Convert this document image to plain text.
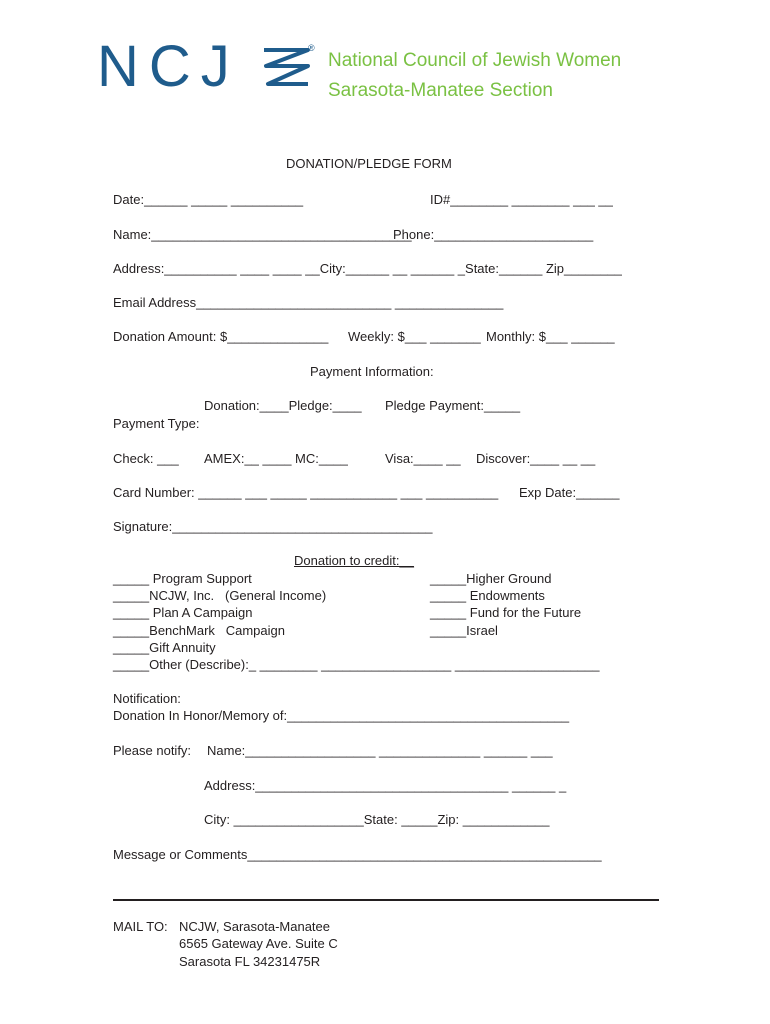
NCJ	®
National Council of Jewish Women
Sarasota-Manatee Section
DONATION/PLEDGE FORM
Date:______ _____ __________	ID#________ ________ ___ __
Name:____________________________________
Phone:______________________
Address:__________ ____ ____ __City:______ __ ______ _State:______ Zip________
Email Address___________________________ _______________
Donation Amount: $______________ Weekly: $___ _______ Monthly: $___ ______
Payment Information:
Donation:____Pledge:____ Pledge Payment:_____
Payment Type:
Check: ___ AMEX:__ ____ MC:____	Visa:____ __ Discover:____ __ __
Card Number: ______ ___ _____ ____________ ___ __________ Exp Date:______
Signature:____________________________________
Donation to credit:__
_____ Program Support
_____NCJW, Inc.   (General Income)
_____ Plan A Campaign
_____BenchMark   Campaign
_____Gift Annuity
_____Other (Describe):_ ________ __________________ ____________________
_____Higher Ground
_____ Endowments
_____ Fund for the Future
_____Israel
Notification:
Donation In Honor/Memory of:_______________________________________
Please notify: Name:__________________ ______________ ______ ___
Address:___________________________________ ______ _
City: __________________State: _____Zip: ____________
Message or Comments_________________________________________________
MAIL TO: NCJW, Sarasota-Manatee
6565 Gateway Ave. Suite C
Sarasota FL 34231475R
